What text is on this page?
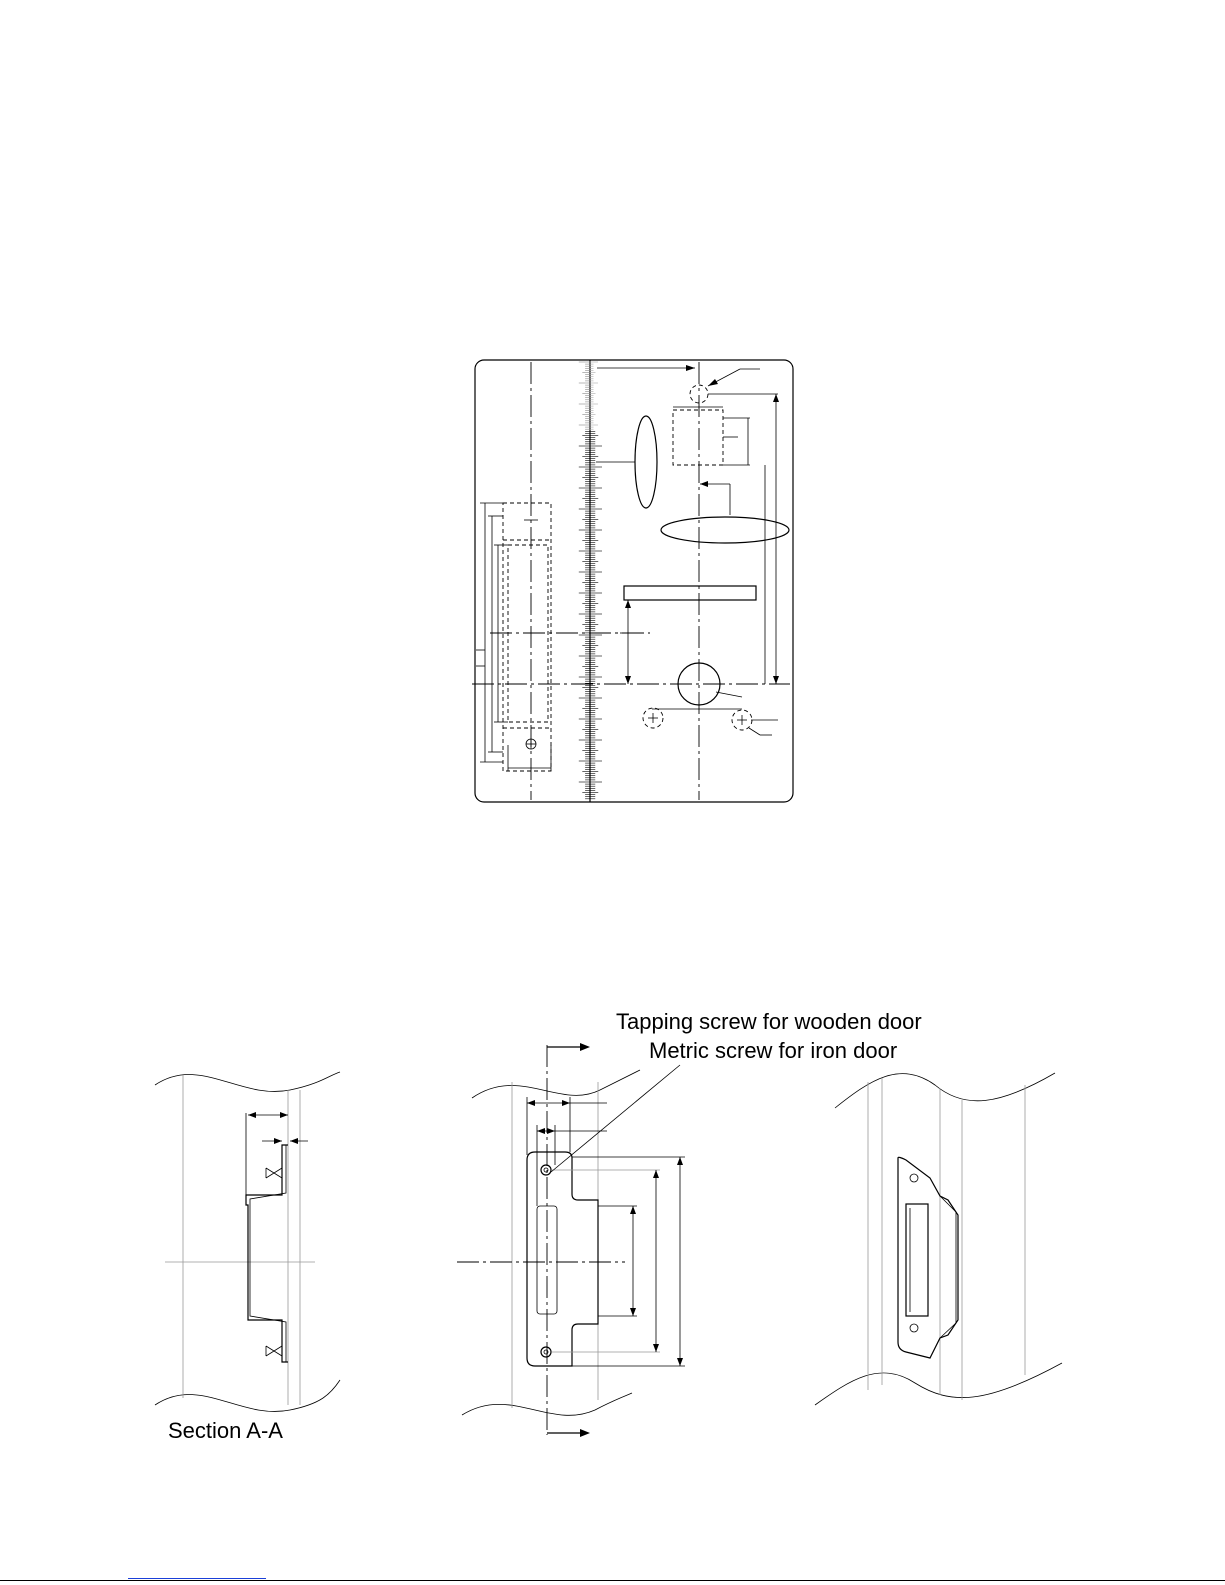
Tapping screw for wooden door
Metric screw for iron door
Section A-A
